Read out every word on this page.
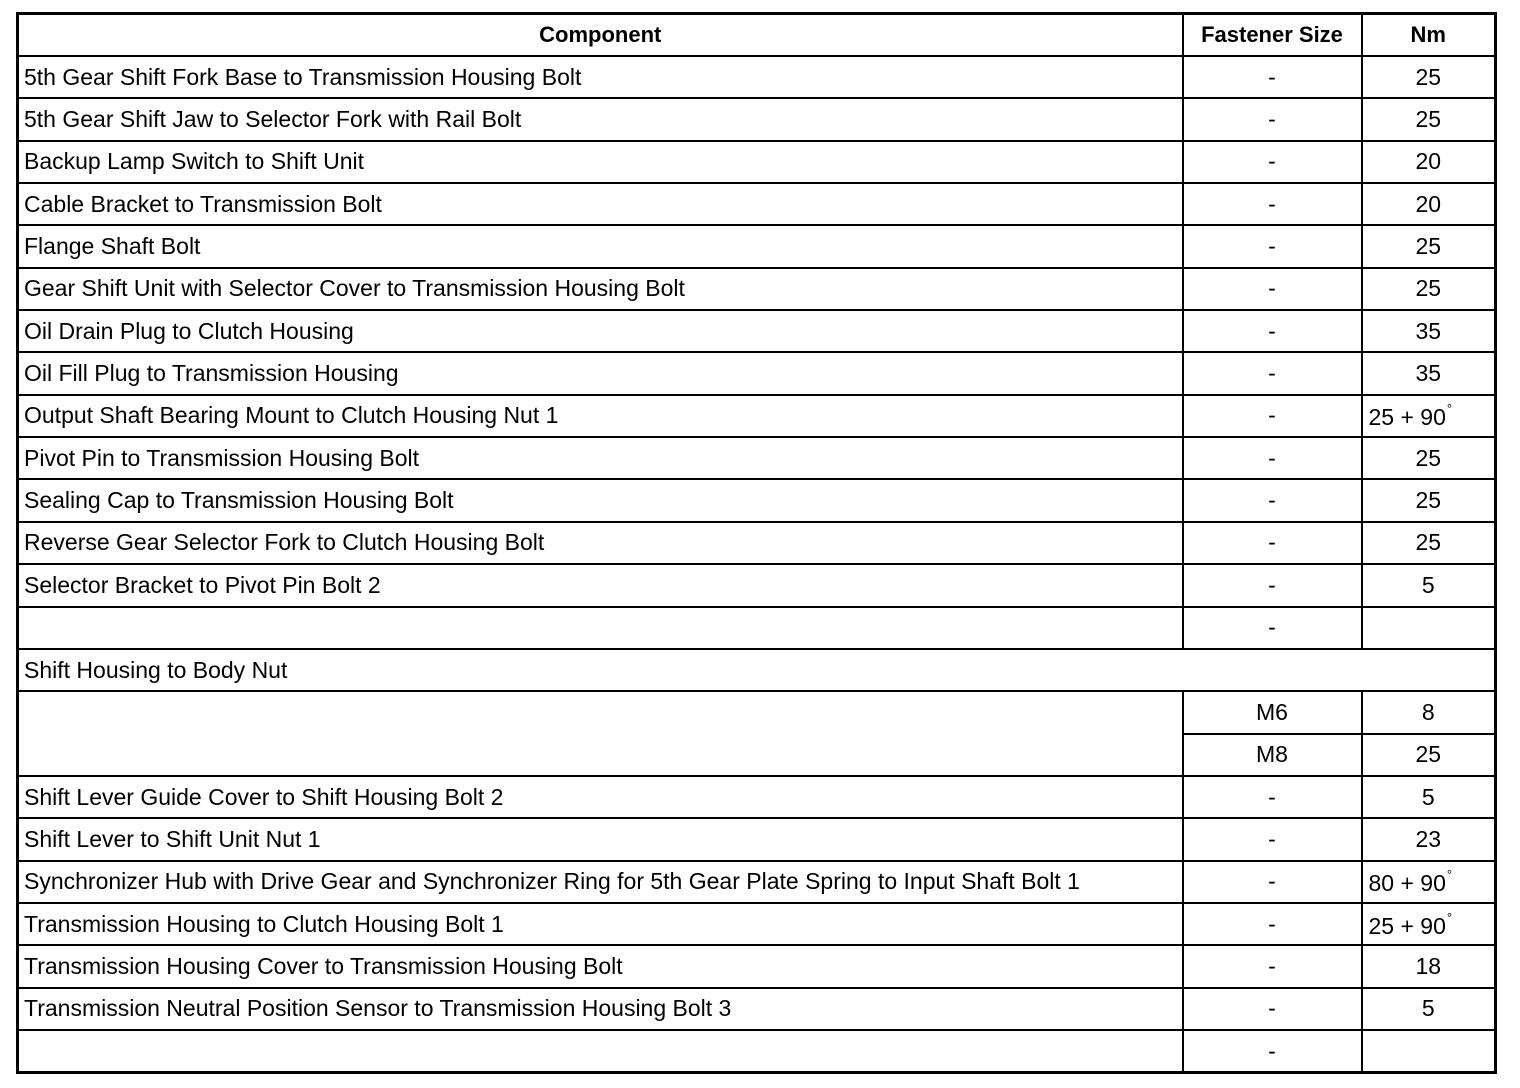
Component	Fastener Size	Nm
5th Gear Shift Fork Base to Transmission Housing Bolt	-	25
5th Gear Shift Jaw to Selector Fork with Rail Bolt	-	25
Backup Lamp Switch to Shift Unit	-	20
Cable Bracket to Transmission Bolt	-	20
Flange Shaft Bolt	-	25
Gear Shift Unit with Selector Cover to Transmission Housing Bolt	-	25
Oil Drain Plug to Clutch Housing	-	35
Oil Fill Plug to Transmission Housing	-	35
Output Shaft Bearing Mount to Clutch Housing Nut 1	-	25 + 90°
Pivot Pin to Transmission Housing Bolt	-	25
Sealing Cap to Transmission Housing Bolt	-	25
Reverse Gear Selector Fork to Clutch Housing Bolt	-	25
Selector Bracket to Pivot Pin Bolt 2	-	5
	-	
Shift Housing to Body Nut		
	M6	8
	M8	25
Shift Lever Guide Cover to Shift Housing Bolt 2	-	5
Shift Lever to Shift Unit Nut 1	-	23
Synchronizer Hub with Drive Gear and Synchronizer Ring for 5th Gear Plate Spring to Input Shaft Bolt 1	-	80 + 90°
Transmission Housing to Clutch Housing Bolt 1	-	25 + 90°
Transmission Housing Cover to Transmission Housing Bolt	-	18
Transmission Neutral Position Sensor to Transmission Housing Bolt 3	-	5
	-	
